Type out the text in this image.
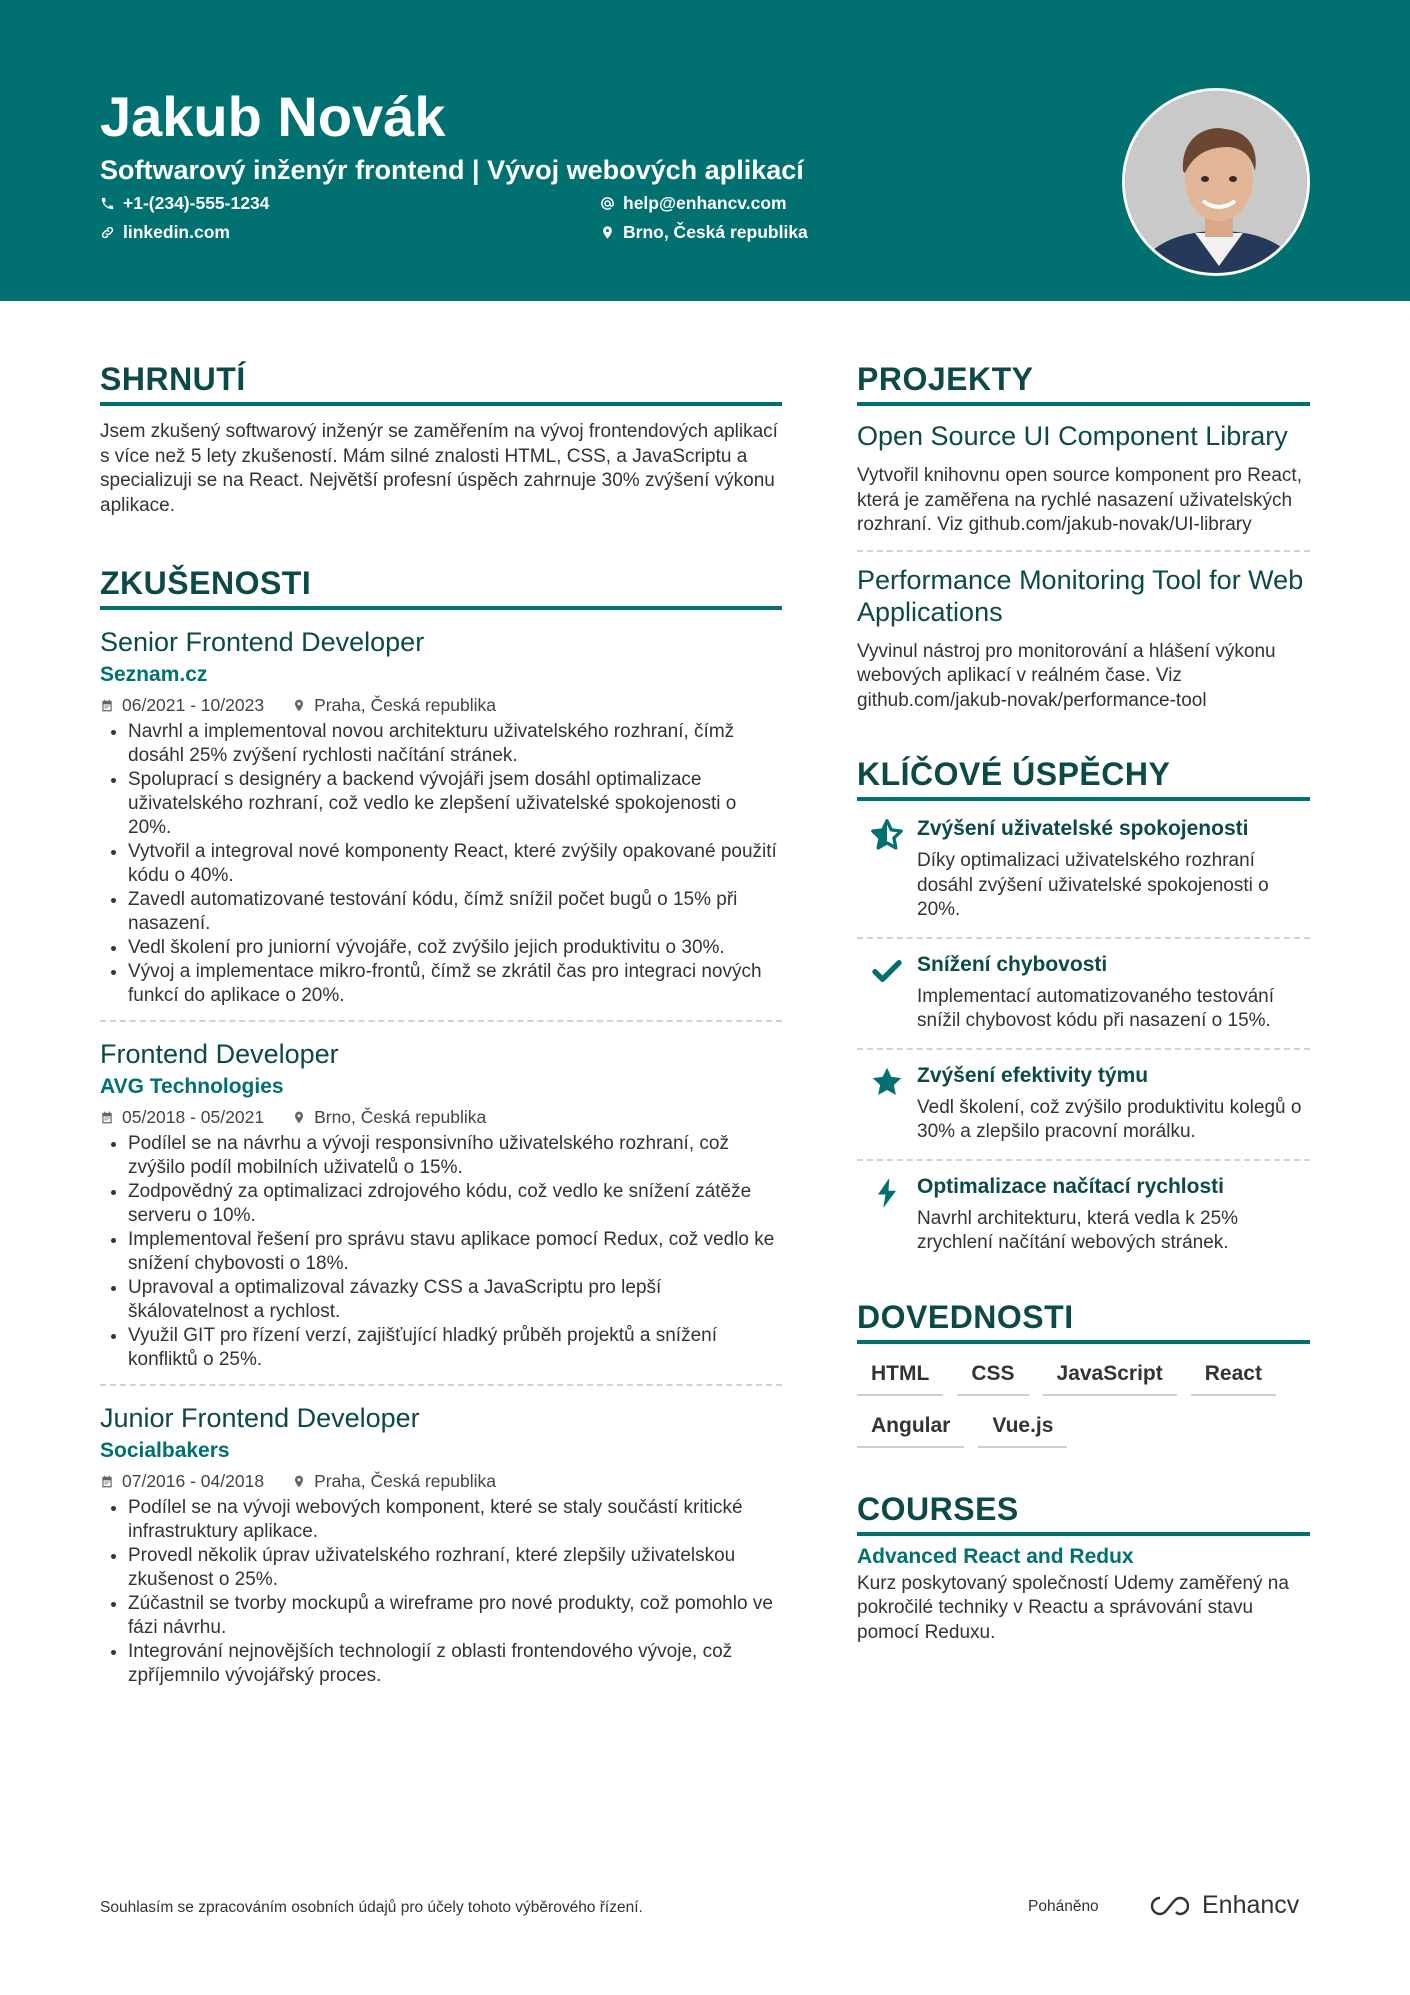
Jakub Novák
Softwarový inženýr frontend | Vývoj webových aplikací
+1-(234)-555-1234	help@enhancv.com
linkedin.com	Brno, Česká republika
SHRNUTÍ

Jsem zkušený softwarový inženýr se zaměřením na vývoj frontendových aplikací s více než 5 lety zkušeností. Mám silné znalosti HTML, CSS, a JavaScriptu a specializuji se na React. Největší profesní úspěch zahrnuje 30% zvýšení výkonu aplikace.

ZKUŠENOSTI
Senior Frontend Developer
Seznam.cz
06/2021 - 10/2023	Praha, Česká republika
• Navrhl a implementoval novou architekturu uživatelského rozhraní, čímž dosáhl 25% zvýšení rychlosti načítání stránek.
• Spoluprací s designéry a backend vývojáři jsem dosáhl optimalizace uživatelského rozhraní, což vedlo ke zlepšení uživatelské spokojenosti o 20%.
• Vytvořil a integroval nové komponenty React, které zvýšily opakované použití kódu o 40%.
• Zavedl automatizované testování kódu, čímž snížil počet bugů o 15% při nasazení.
• Vedl školení pro juniorní vývojáře, což zvýšilo jejich produktivitu o 30%.
• Vývoj a implementace mikro-frontů, čímž se zkrátil čas pro integraci nových funkcí do aplikace o 20%.
Frontend Developer
AVG Technologies
05/2018 - 05/2021	Brno, Česká republika
• Podílel se na návrhu a vývoji responsivního uživatelského rozhraní, což zvýšilo podíl mobilních uživatelů o 15%.
• Zodpovědný za optimalizaci zdrojového kódu, což vedlo ke snížení zátěže serveru o 10%.
• Implementoval řešení pro správu stavu aplikace pomocí Redux, což vedlo ke snížení chybovosti o 18%.
• Upravoval a optimalizoval závazky CSS a JavaScriptu pro lepší škálovatelnost a rychlost.
• Využil GIT pro řízení verzí, zajišťující hladký průběh projektů a snížení konfliktů o 25%.
Junior Frontend Developer
Socialbakers
07/2016 - 04/2018	Praha, Česká republika
• Podílel se na vývoji webových komponent, které se staly součástí kritické infrastruktury aplikace.
• Provedl několik úprav uživatelského rozhraní, které zlepšily uživatelskou zkušenost o 25%.
• Zúčastnil se tvorby mockupů a wireframe pro nové produkty, což pomohlo ve fázi návrhu.
• Integrování nejnovějších technologií z oblasti frontendového vývoje, což zpříjemnilo vývojářský proces.
PROJEKTY
Open Source UI Component Library

Vytvořil knihovnu open source komponent pro React, která je zaměřena na rychlé nasazení uživatelských rozhraní. Viz github.com/jakub-novak/UI-library

Performance Monitoring Tool for Web Applications

Vyvinul nástroj pro monitorování a hlášení výkonu webových aplikací v reálném čase. Viz github.com/jakub-novak/performance-tool

KLÍČOVÉ ÚSPĚCHY
Zvýšení uživatelské spokojenosti

Díky optimalizaci uživatelského rozhraní dosáhl zvýšení uživatelské spokojenosti o 20%.

Snížení chybovosti

Implementací automatizovaného testování snížil chybovost kódu při nasazení o 15%.

Zvýšení efektivity týmu

Vedl školení, což zvýšilo produktivitu kolegů o 30% a zlepšilo pracovní morálku.

Optimalizace načítací rychlosti

Navrhl architekturu, která vedla k 25% zrychlení načítání webových stránek.

DOVEDNOSTI
HTML	CSS	JavaScript	React
Angular	Vue.js
COURSES
Advanced React and Redux

Kurz poskytovaný společností Udemy zaměřený na pokročilé techniky v Reactu a správování stavu pomocí Reduxu.

Souhlasím se zpracováním osobních údajů pro účely tohoto výběrového řízení.	Poháněno	Enhancv
